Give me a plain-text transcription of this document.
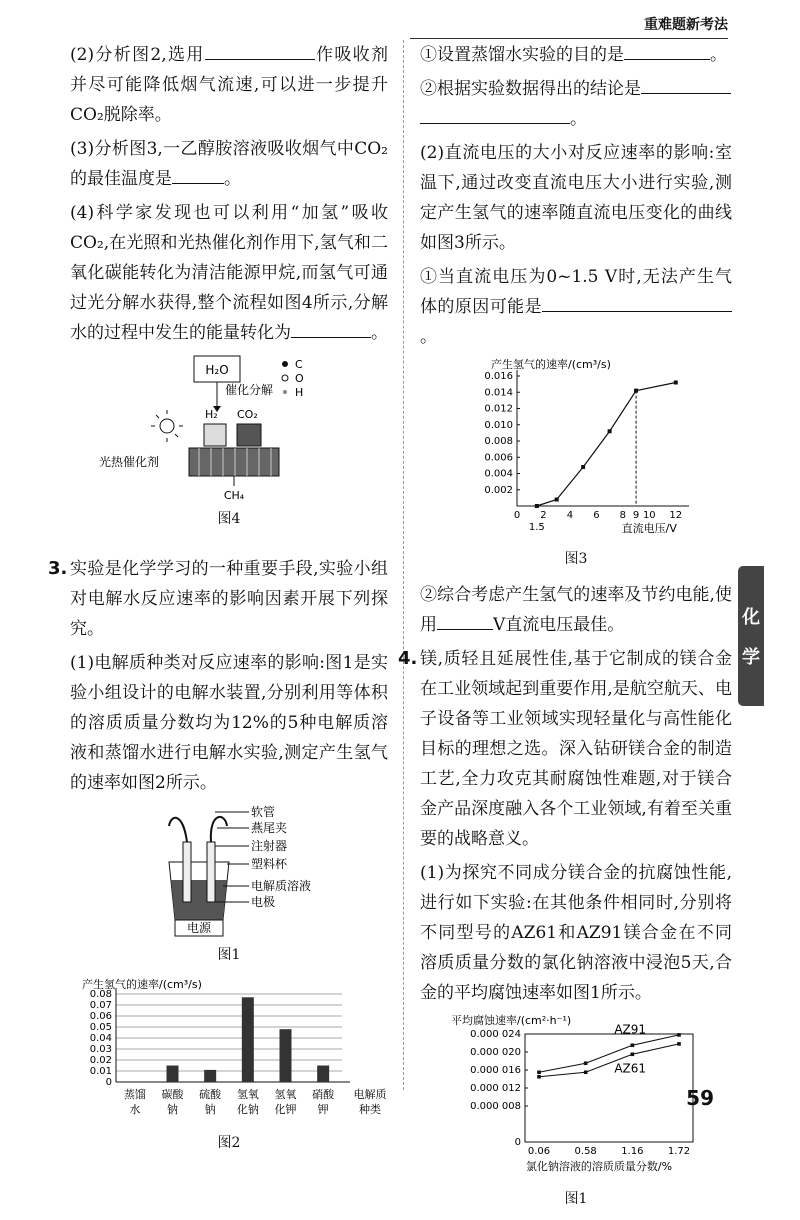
重难题新考法

(2)分析图2,选用	作吸收剂并尽可能降低烟气流速,可以进一步提升CO₂脱除率。

(3)分析图3,一乙醇胺溶液吸收烟气中CO₂的最佳温度是	。

(4)科学家发现也可以利用“加氢”吸收CO₂,在光照和光热催化剂作用下,氢气和二氧化碳能转化为清洁能源甲烷,而氢气可通过光分解水获得,整个流程如图4所示,分解水的过程中发生的能量转化为	。

H₂O
催化分解
H₂ CO₂
光热催化剂
CH₄
C
O
H
图4

3. 实验是化学学习的一种重要手段,实验小组对电解水反应速率的影响因素开展下列探究。

(1)电解质种类对反应速率的影响:图1是实验小组设计的电解水装置,分别利用等体积的溶质质量分数均为12%的5种电解质溶液和蒸馏水进行电解水实验,测定产生氢气的速率如图2所示。

电源
软管
燕尾夹
注射器
塑料杯
电解质溶液
电极
图1
产生氢气的速率/(cm³/s)
0
0.01
0.02
0.03
0.04
0.05
0.06
0.07
0.08
蒸馏
水
碳酸
钠
硫酸
钠
氢氧
化钠
氢氧
化钾
硝酸
钾
电解质
种类
图2

①设置蒸馏水实验的目的是	。

②根据实验数据得出的结论是
。

(2)直流电压的大小对反应速率的影响:室温下,通过改变直流电压大小进行实验,测定产生氢气的速率随直流电压变化的曲线如图3所示。

①当直流电压为0~1.5 V时,无法产生气体的原因可能是。

产生氢气的速率/(cm³/s)
0.002
0.004
0.006
0.008
0.010
0.012
0.014
0.016
0 2 4 6 8 9 10 12
1.5	直流电压/V
图3

②综合考虑产生氢气的速率及节约电能,使用	V直流电压最佳。

4. 镁,质轻且延展性佳,基于它制成的镁合金在工业领域起到重要作用,是航空航天、电子设备等工业领域实现轻量化与高性能化目标的理想之选。深入钻研镁合金的制造工艺,全力攻克其耐腐蚀性难题,对于镁合金产品深度融入各个工业领域,有着至关重要的战略意义。

(1)为探究不同成分镁合金的抗腐蚀性能,进行如下实验:在其他条件相同时,分别将不同型号的AZ61和AZ91镁合金在不同溶质质量分数的氯化钠溶液中浸泡5天,合金的平均腐蚀速率如图1所示。

平均腐蚀速率/(cm²·h⁻¹)
0
0.000 008
0.000 012
0.000 016
0.000 020
0.000 024
0.06 0.58 1.16 1.72
氯化钠溶液的溶质质量分数/%
AZ91
AZ61
图1
化
学
59
